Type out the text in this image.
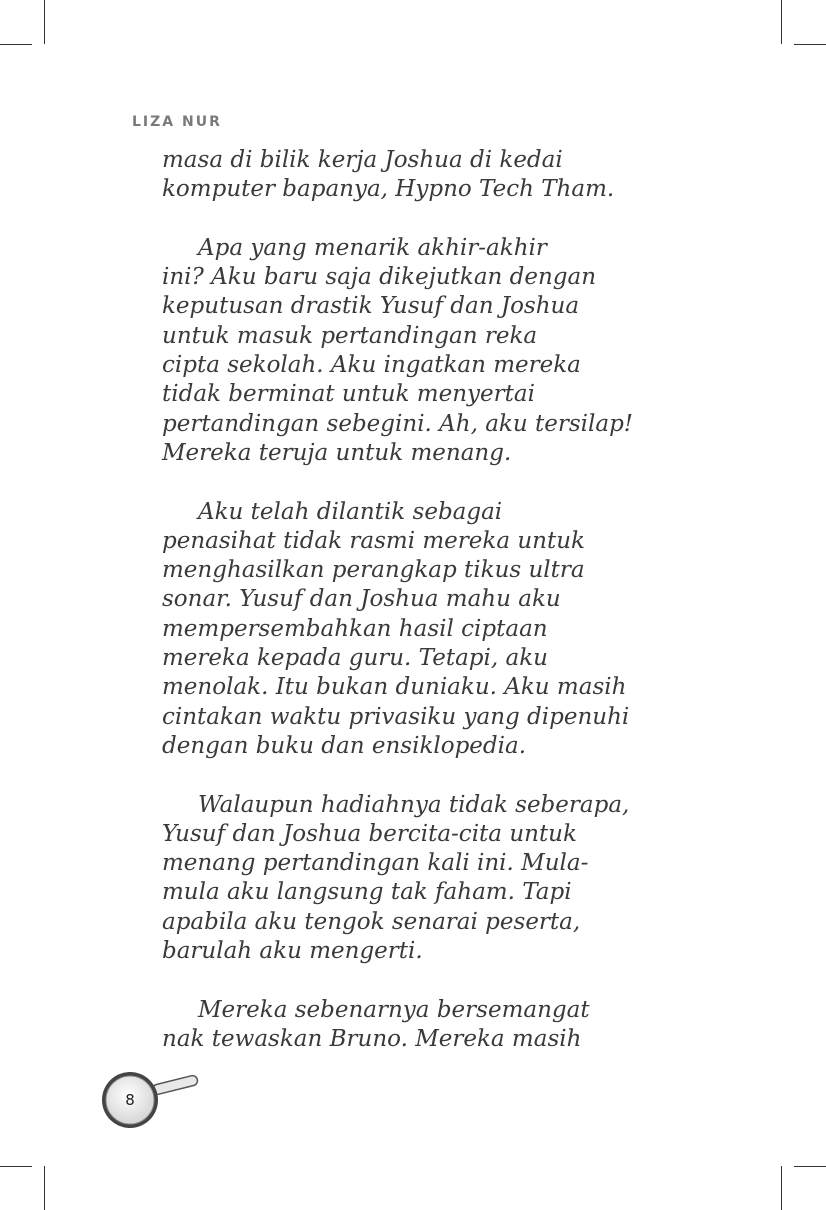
LIZA NUR

masa di bilik kerja Joshua di kedai
komputer bapanya, Hypno Tech Tham.

Apa yang menarik akhir-akhir
ini? Aku baru saja dikejutkan dengan
keputusan drastik Yusuf dan Joshua
untuk masuk pertandingan reka
cipta sekolah. Aku ingatkan mereka
tidak berminat untuk menyertai
pertandingan sebegini. Ah, aku tersilap!
Mereka teruja untuk menang.

Aku telah dilantik sebagai
penasihat tidak rasmi mereka untuk
menghasilkan perangkap tikus ultra
sonar. Yusuf dan Joshua mahu aku
mempersembahkan hasil ciptaan
mereka kepada guru. Tetapi, aku
menolak. Itu bukan duniaku. Aku masih
cintakan waktu privasiku yang dipenuhi
dengan buku dan ensiklopedia.

Walaupun hadiahnya tidak seberapa,
Yusuf dan Joshua bercita-cita untuk
menang pertandingan kali ini. Mula-
mula aku langsung tak faham. Tapi
apabila aku tengok senarai peserta,
barulah aku mengerti.

Mereka sebenarnya bersemangat
nak tewaskan Bruno. Mereka masih

8
